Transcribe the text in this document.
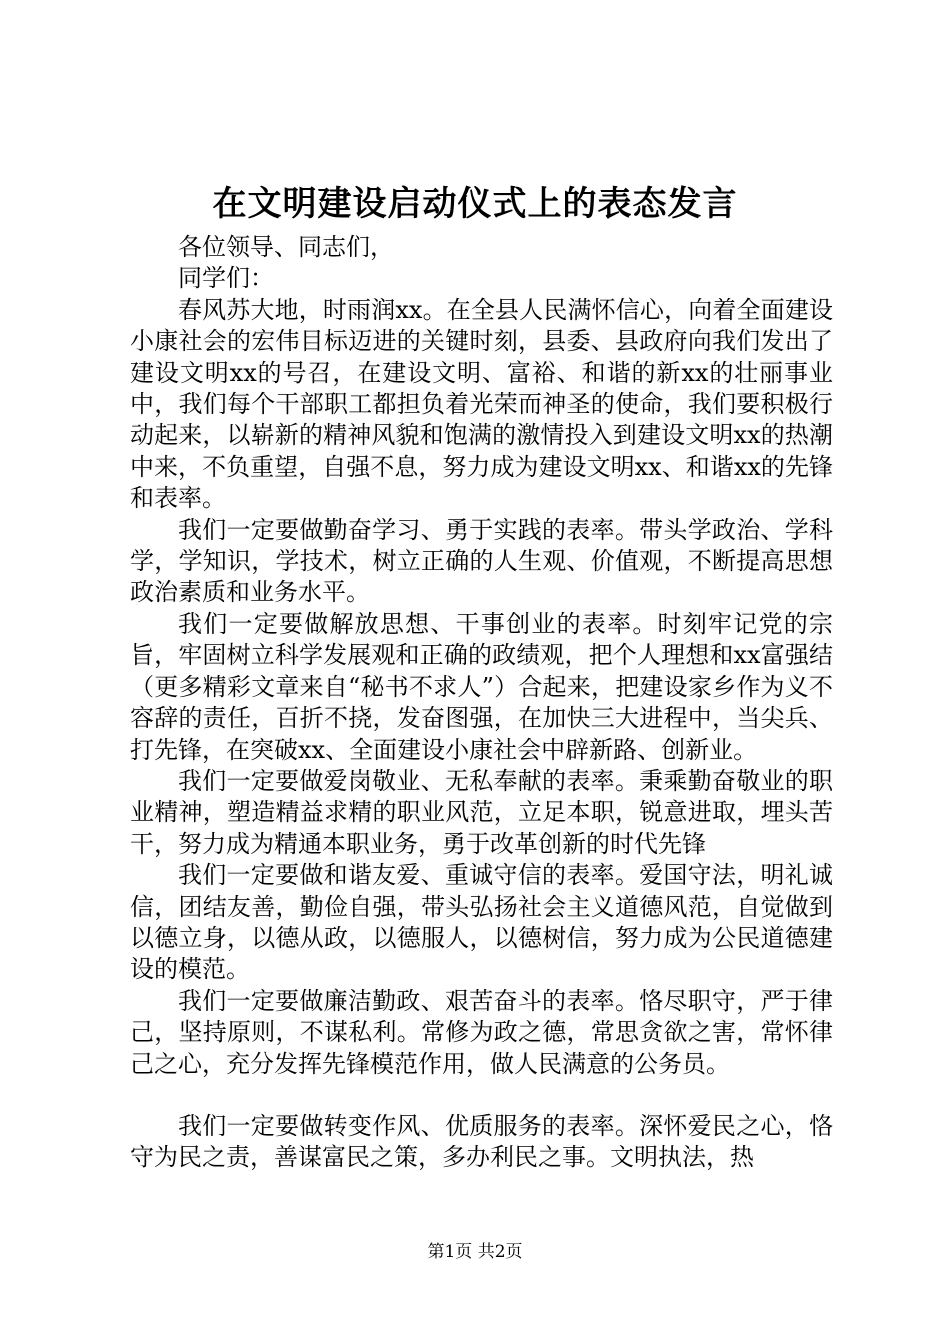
在文明建设启动仪式上的表态发言

各位领导、同志们，

同学们：

春风苏大地，时雨润xx。在全县人民满怀信心，向着全面建设小康社会的宏伟目标迈进的关键时刻，县委、县政府向我们发出了建设文明xx的号召，在建设文明、富裕、和谐的新xx的壮丽事业中，我们每个干部职工都担负着光荣而神圣的使命，我们要积极行动起来，以崭新的精神风貌和饱满的激情投入到建设文明xx的热潮中来，不负重望，自强不息，努力成为建设文明xx、和谐xx的先锋和表率。

我们一定要做勤奋学习、勇于实践的表率。带头学政治、学科学，学知识，学技术，树立正确的人生观、价值观，不断提高思想政治素质和业务水平。

我们一定要做解放思想、干事创业的表率。时刻牢记党的宗旨，牢固树立科学发展观和正确的政绩观，把个人理想和xx富强结（更多精彩文章来自“秘书不求人”）合起来，把建设家乡作为义不容辞的责任，百折不挠，发奋图强，在加快三大进程中，当尖兵、打先锋，在突破xx、全面建设小康社会中辟新路、创新业。

我们一定要做爱岗敬业、无私奉献的表率。秉乘勤奋敬业的职业精神，塑造精益求精的职业风范，立足本职，锐意进取，埋头苦干，努力成为精通本职业务，勇于改革创新的时代先锋

我们一定要做和谐友爱、重诚守信的表率。爱国守法，明礼诚信，团结友善，勤俭自强，带头弘扬社会主义道德风范，自觉做到以德立身，以德从政，以德服人，以德树信，努力成为公民道德建设的模范。

我们一定要做廉洁勤政、艰苦奋斗的表率。恪尽职守，严于律己，坚持原则，不谋私利。常修为政之德，常思贪欲之害，常怀律己之心，充分发挥先锋模范作用，做人民满意的公务员。

我们一定要做转变作风、优质服务的表率。深怀爱民之心，恪守为民之责，善谋富民之策，多办利民之事。文明执法，热

第1页 共2页
